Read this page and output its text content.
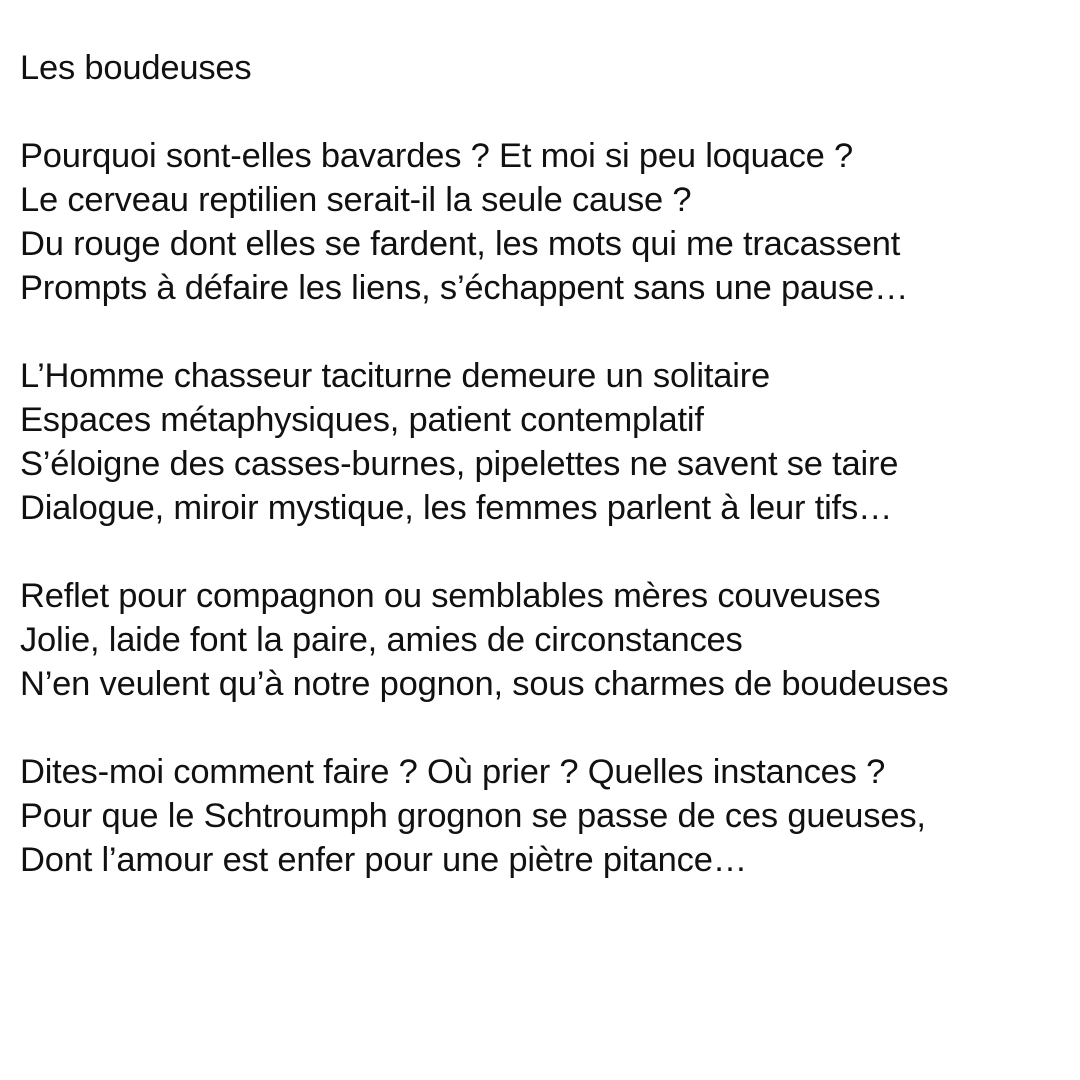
Les boudeuses
Pourquoi sont-elles bavardes ? Et moi si peu loquace ?
Le cerveau reptilien serait-il la seule cause ?
Du rouge dont elles se fardent, les mots qui me tracassent
Prompts à défaire les liens, s’échappent sans une pause…
L’Homme chasseur taciturne demeure un solitaire
Espaces métaphysiques, patient contemplatif
S’éloigne des casses-burnes, pipelettes ne savent se taire
Dialogue, miroir mystique, les femmes parlent à leur tifs…
Reflet pour compagnon ou semblables mères couveuses
Jolie, laide font la paire, amies de circonstances
N’en veulent qu’à notre pognon, sous charmes de boudeuses
Dites-moi comment faire ? Où prier ? Quelles instances ?
Pour que le Schtroumph grognon se passe de ces gueuses,
Dont l’amour est enfer pour une piètre pitance…
